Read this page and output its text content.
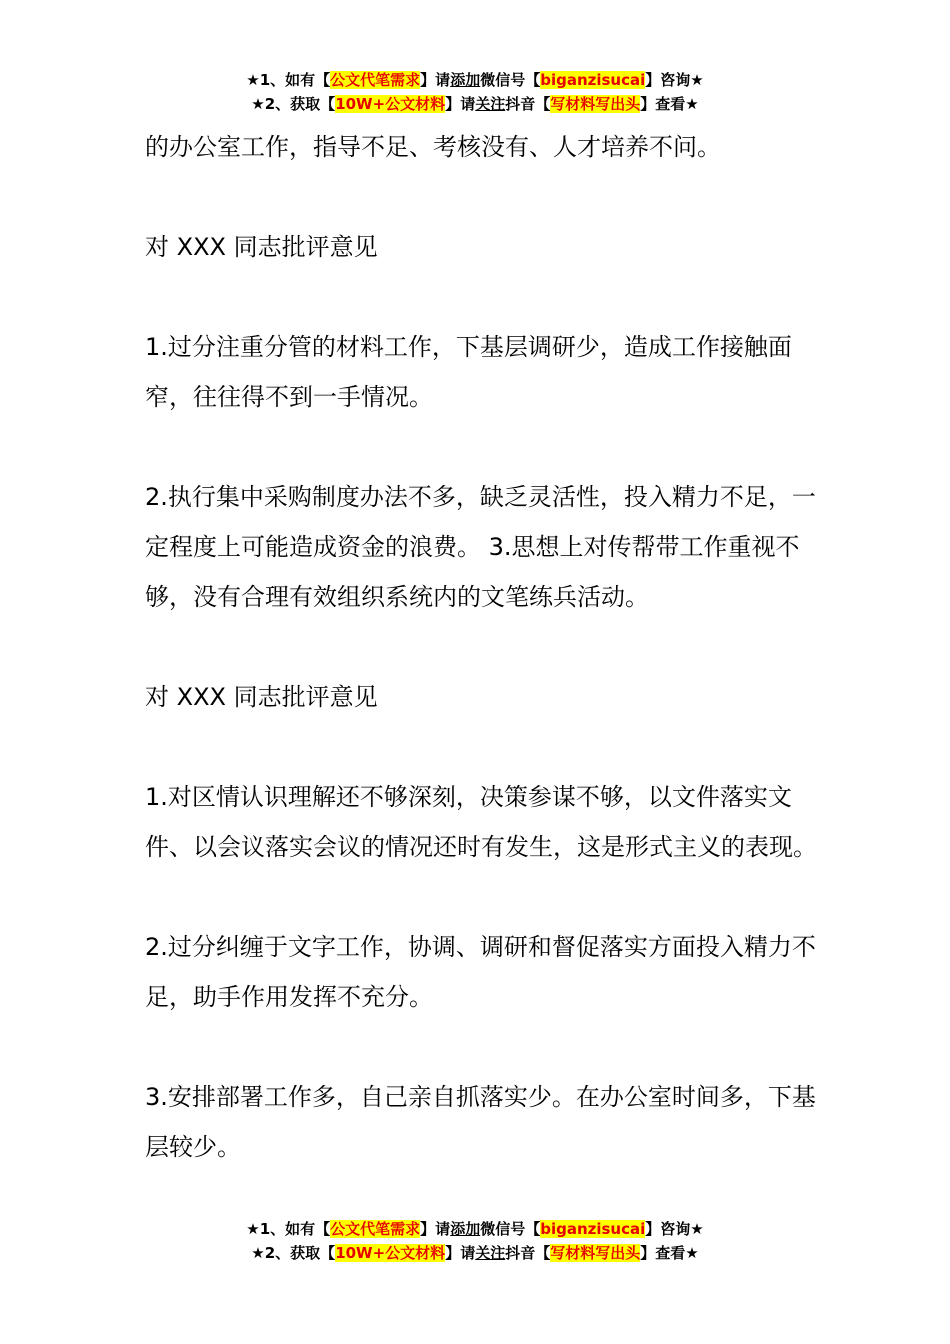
★1、如有【公文代笔需求】请添加微信号【biganzisucai】咨询★
★2、获取【10W+公文材料】请关注抖音【写材料写出头】查看★

的办公室工作，指导不足、考核没有、人才培养不问。

对 XXX 同志批评意见

1.过分注重分管的材料工作，下基层调研少，造成工作接触面窄，往往得不到一手情况。

2.执行集中采购制度办法不多，缺乏灵活性，投入精力不足，一定程度上可能造成资金的浪费。 3.思想上对传帮带工作重视不够，没有合理有效组织系统内的文笔练兵活动。

对 XXX 同志批评意见

1.对区情认识理解还不够深刻，决策参谋不够，以文件落实文件、以会议落实会议的情况还时有发生，这是形式主义的表现。

2.过分纠缠于文字工作，协调、调研和督促落实方面投入精力不足，助手作用发挥不充分。

3.安排部署工作多，自己亲自抓落实少。在办公室时间多，下基层较少。

★1、如有【公文代笔需求】请添加微信号【biganzisucai】咨询★
★2、获取【10W+公文材料】请关注抖音【写材料写出头】查看★
